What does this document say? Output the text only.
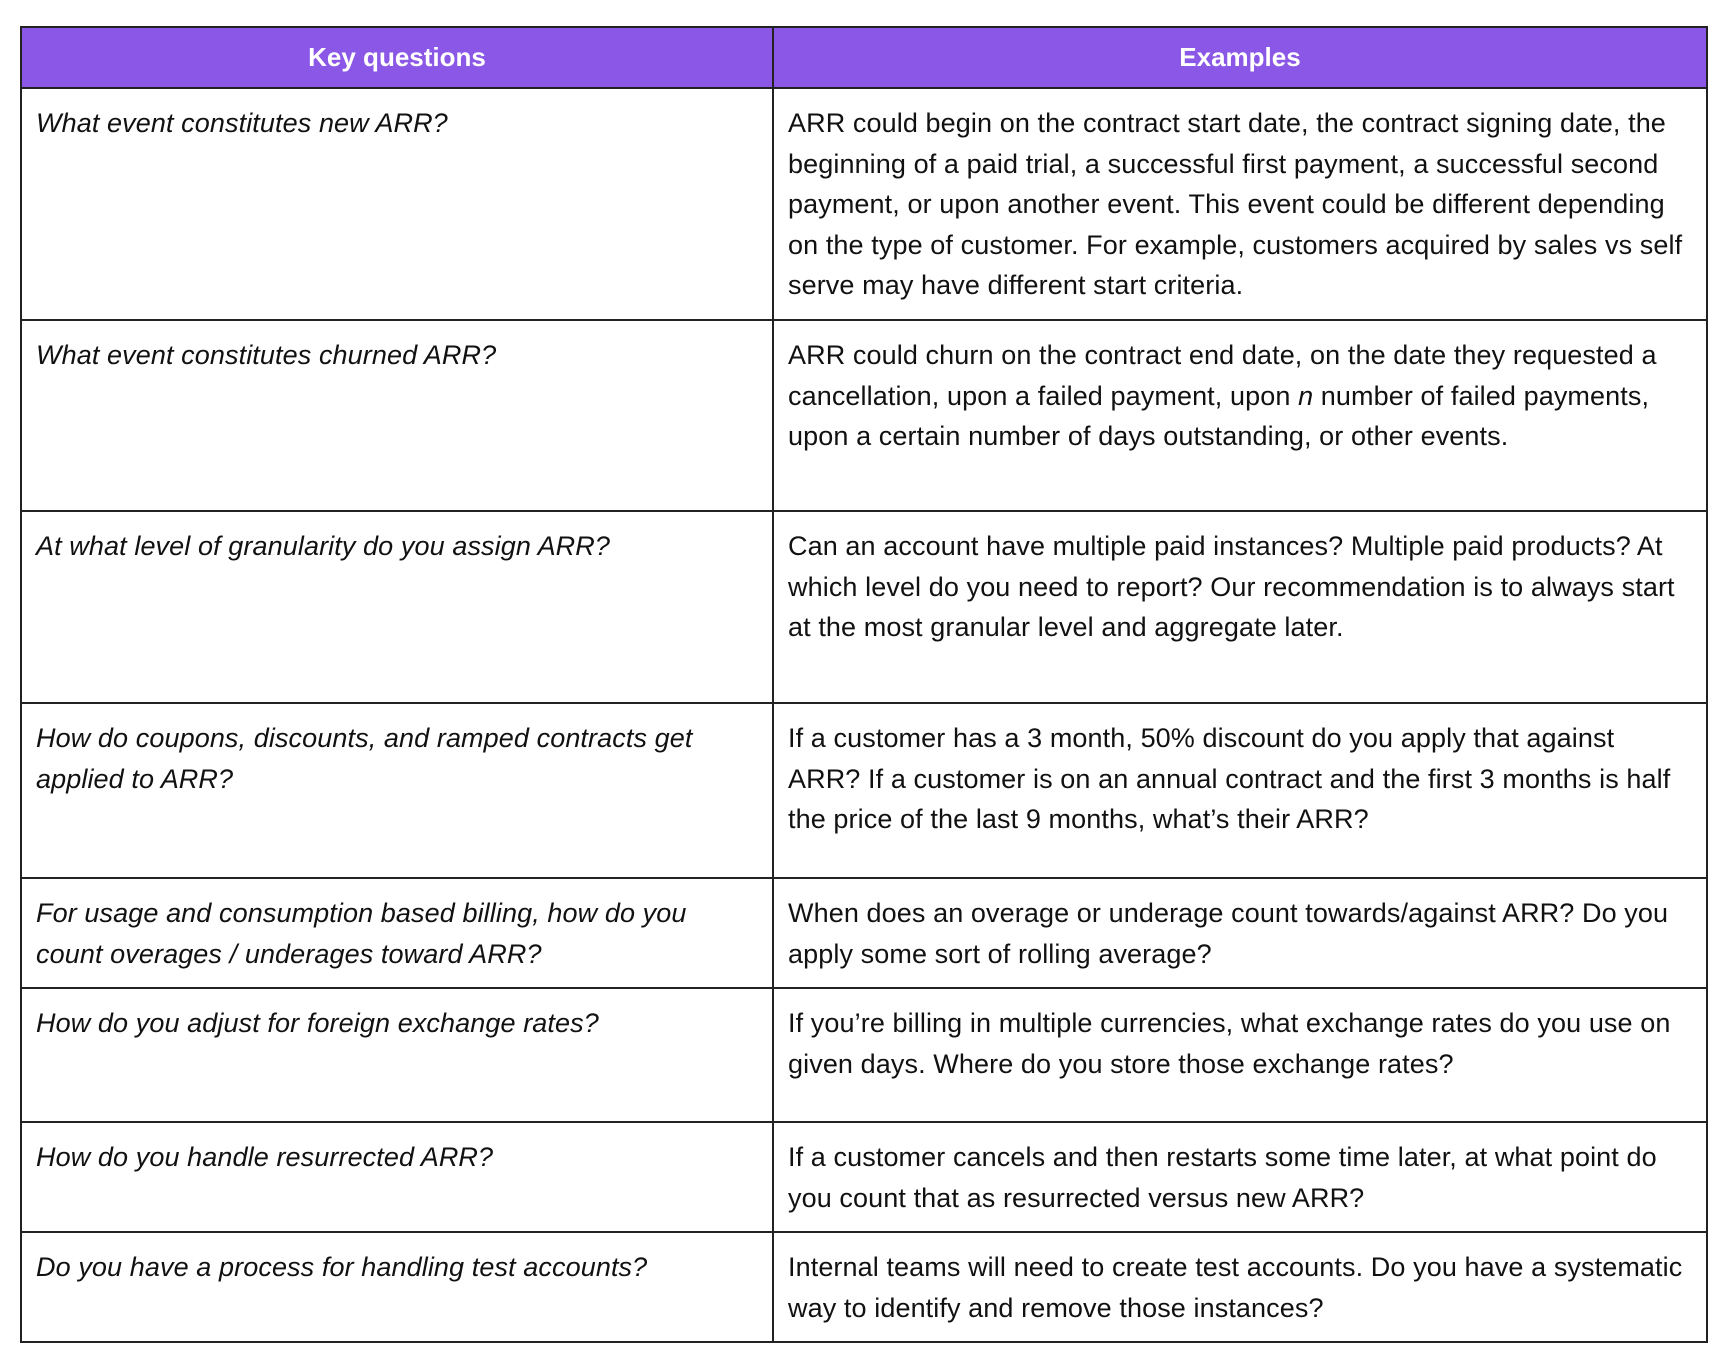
Key questions	Examples
What event constitutes new ARR?	ARR could begin on the contract start date, the contract signing date, the beginning of a paid trial, a successful first payment, a successful second payment, or upon another event. This event could be different depending on the type of customer. For example, customers acquired by sales vs self serve may have different start criteria.
What event constitutes churned ARR?	ARR could churn on the contract end date, on the date they requested a cancellation, upon a failed payment, upon n number of failed payments, upon a certain number of days outstanding, or other events.
At what level of granularity do you assign ARR?	Can an account have multiple paid instances? Multiple paid products? At which level do you need to report? Our recommendation is to always start at the most granular level and aggregate later.
How do coupons, discounts, and ramped contracts get applied to ARR?	If a customer has a 3 month, 50% discount do you apply that against ARR? If a customer is on an annual contract and the first 3 months is half the price of the last 9 months, what’s their ARR?
For usage and consumption based billing, how do you count overages / underages toward ARR?	When does an overage or underage count towards/against ARR? Do you apply some sort of rolling average?
How do you adjust for foreign exchange rates?	If you’re billing in multiple currencies, what exchange rates do you use on given days. Where do you store those exchange rates?
How do you handle resurrected ARR?	If a customer cancels and then restarts some time later, at what point do you count that as resurrected versus new ARR?
Do you have a process for handling test accounts?	Internal teams will need to create test accounts. Do you have a systematic way to identify and remove those instances?
